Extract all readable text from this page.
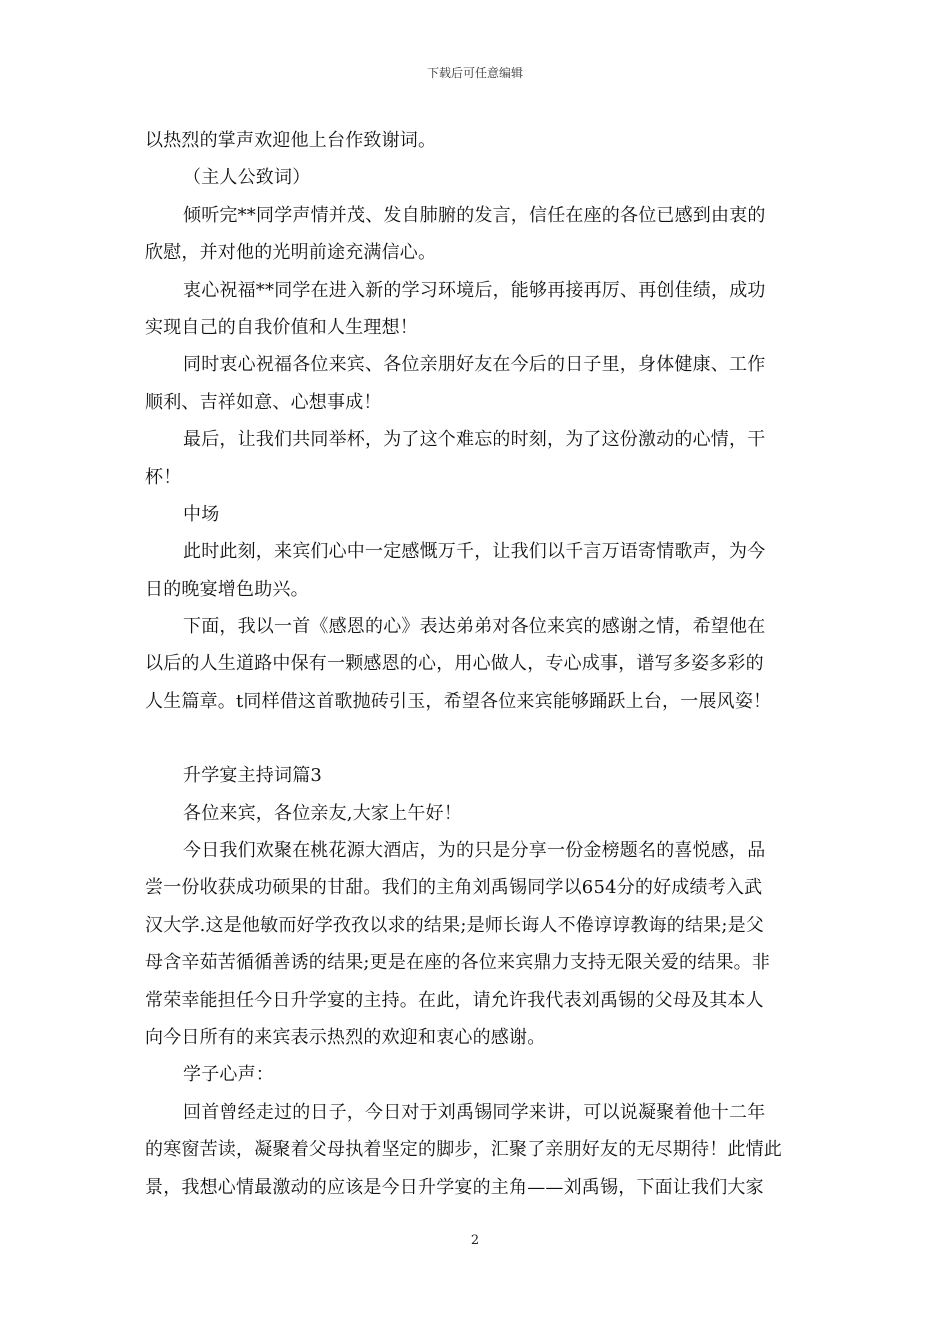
下载后可任意编辑
以热烈的掌声欢迎他上台作致谢词。
（主人公致词）
倾听完**同学声情并茂、发自肺腑的发言，信任在座的各位已感到由衷的
欣慰，并对他的光明前途充满信心。
衷心祝福**同学在进入新的学习环境后，能够再接再厉、再创佳绩，成功
实现自己的自我价值和人生理想！
同时衷心祝福各位来宾、各位亲朋好友在今后的日子里，身体健康、工作
顺利、吉祥如意、心想事成！
最后，让我们共同举杯，为了这个难忘的时刻，为了这份激动的心情，干
杯！
中场
此时此刻，来宾们心中一定感慨万千，让我们以千言万语寄情歌声，为今
日的晚宴增色助兴。
下面，我以一首《感恩的心》表达弟弟对各位来宾的感谢之情，希望他在
以后的人生道路中保有一颗感恩的心，用心做人，专心成事，谱写多姿多彩的
人生篇章。t同样借这首歌抛砖引玉，希望各位来宾能够踊跃上台，一展风姿！
升学宴主持词篇3
各位来宾，各位亲友,大家上午好！
今日我们欢聚在桃花源大酒店，为的只是分享一份金榜题名的喜悦感，品
尝一份收获成功硕果的甘甜。我们的主角刘禹锡同学以654分的好成绩考入武
汉大学.这是他敏而好学孜孜以求的结果;是师长诲人不倦谆谆教诲的结果;是父
母含辛茹苦循循善诱的结果;更是在座的各位来宾鼎力支持无限关爱的结果。非
常荣幸能担任今日升学宴的主持。在此，请允许我代表刘禹锡的父母及其本人
向今日所有的来宾表示热烈的欢迎和衷心的感谢。
学子心声：
回首曾经走过的日子，今日对于刘禹锡同学来讲，可以说凝聚着他十二年
的寒窗苦读，凝聚着父母执着坚定的脚步，汇聚了亲朋好友的无尽期待！此情此
景，我想心情最激动的应该是今日升学宴的主角——刘禹锡，下面让我们大家
2
